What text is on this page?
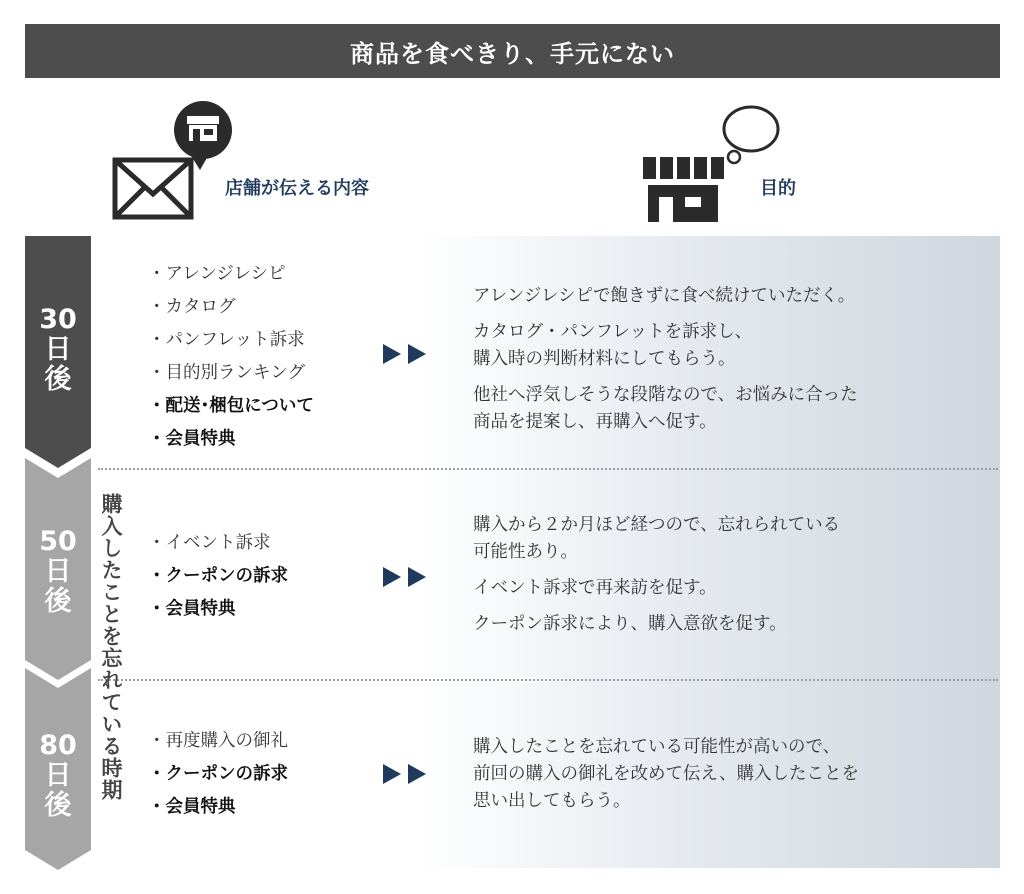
商品を食べきり、手元にない
店舗が伝える内容	目的
30
日
後
50
日
後
80
日
後
購入したことを忘れている時期
・ アレンジレシピ
・ カタログ
・ パンフレット訴求
・ 目的別ランキング
・ 配送･梱包について
・ 会員特典

アレンジレシピで飽きずに食べ続けていただく。

カタログ・パンフレットを訴求し、
購入時の判断材料にしてもらう。

他社へ浮気しそうな段階なので、お悩みに合った
商品を提案し、再購入へ促す。

・ イベント訴求
・ クーポンの訴求
・ 会員特典

購入から２か月ほど経つので、忘れられている
可能性あり。

イベント訴求で再来訪を促す。

クーポン訴求により、購入意欲を促す。

・ 再度購入の御礼
・ クーポンの訴求
・ 会員特典

購入したことを忘れている可能性が高いので、
前回の購入の御礼を改めて伝え、購入したことを
思い出してもらう。
